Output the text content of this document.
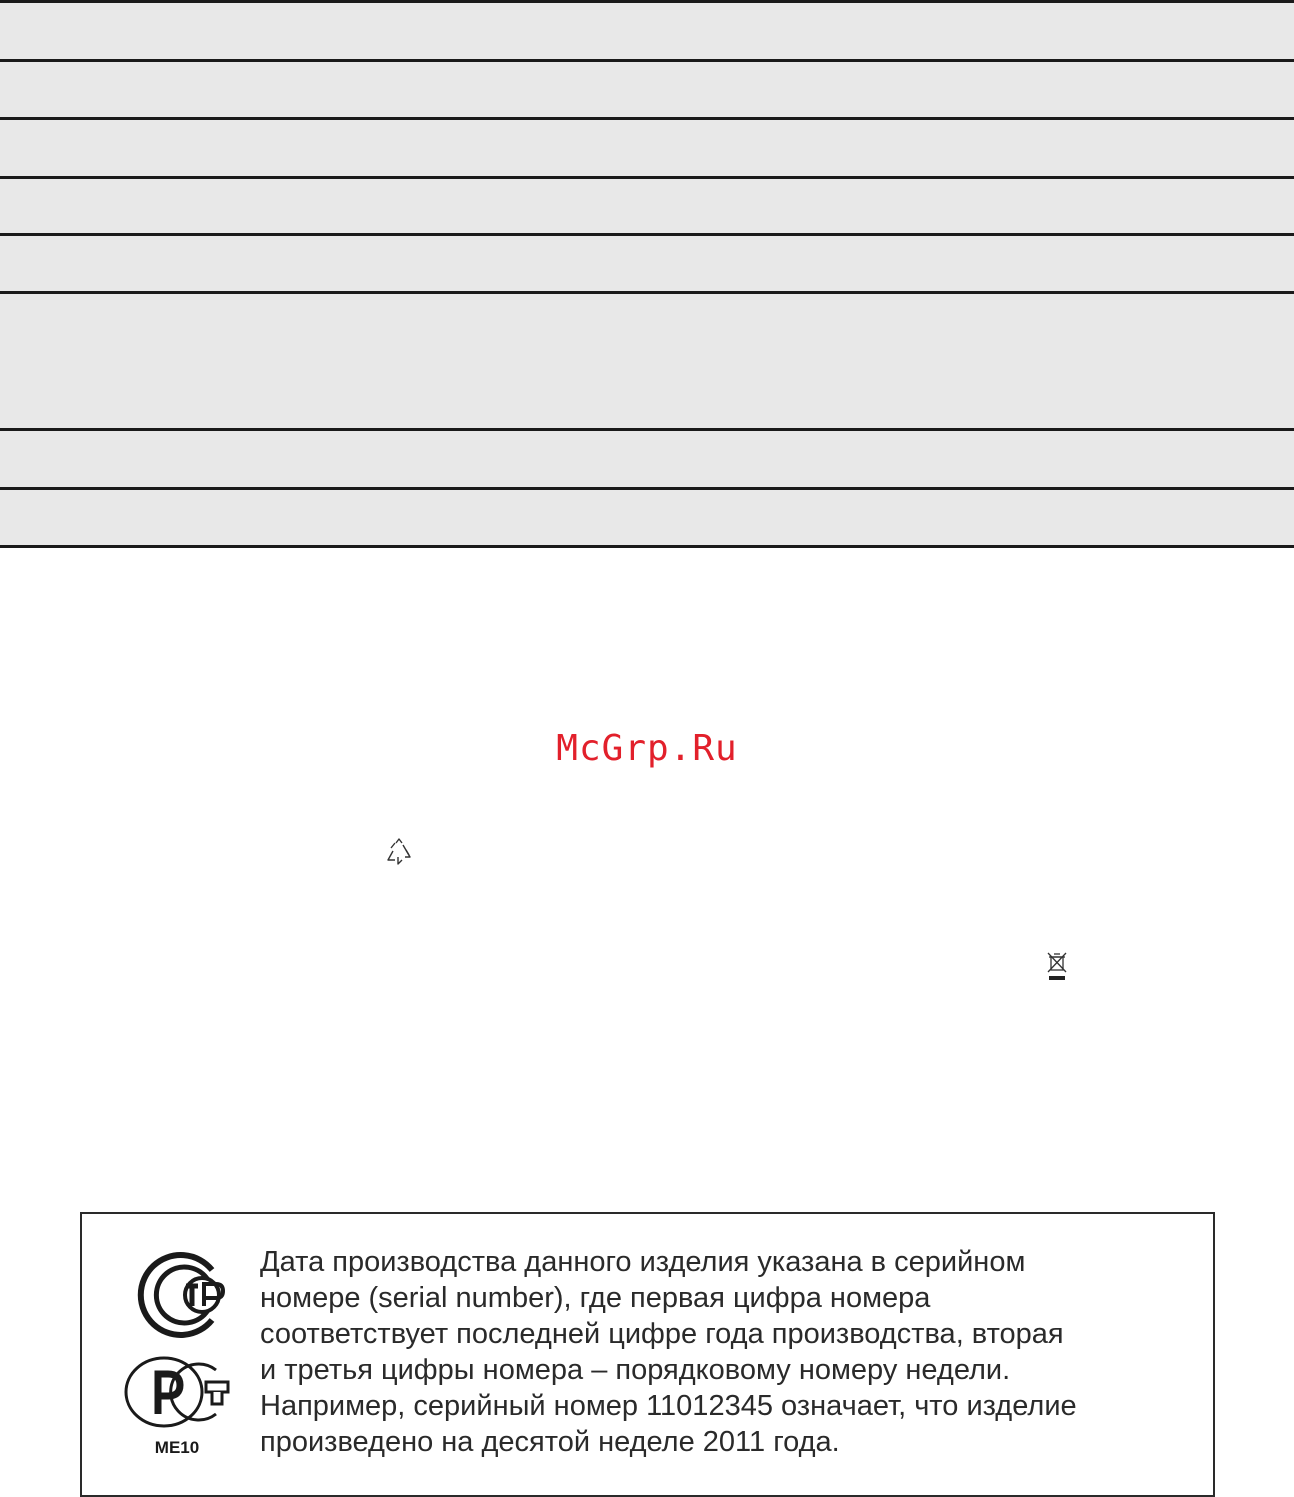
McGrp.Ru
ME10

Дата производства данного изделия указана в серийном
номере (serial number), где первая цифра номера
соответствует последней цифре года производства, вторая
и третья цифры номера – порядковому номеру недели.
Например, серийный номер 11012345 означает, что изделие
произведено на десятой неделе 2011 года.
